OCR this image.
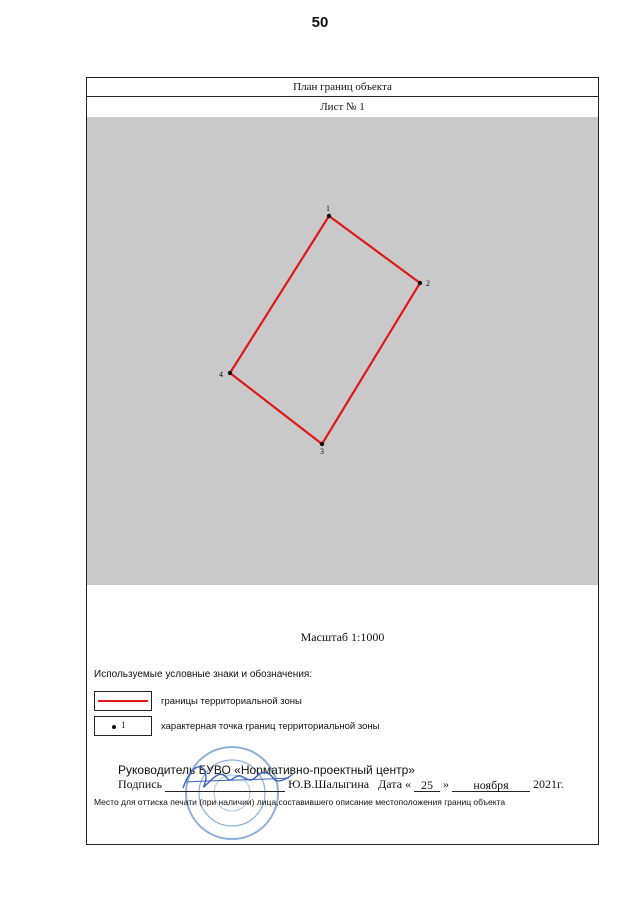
50
План границ объекта
Лист № 1
1
2
3
4
Масштаб 1:1000
Используемые условные знаки и обозначения:
границы территориальной зоны
1	характерная точка границ территориальной зоны
Руководитель БУВО «Нормативно-проектный центр»
Подпись	Ю.В.Шалыгина Дата « 25 » ноября 2021г.
Место для оттиска печати (при наличии) лица,составившего описание местоположения границ объекта
